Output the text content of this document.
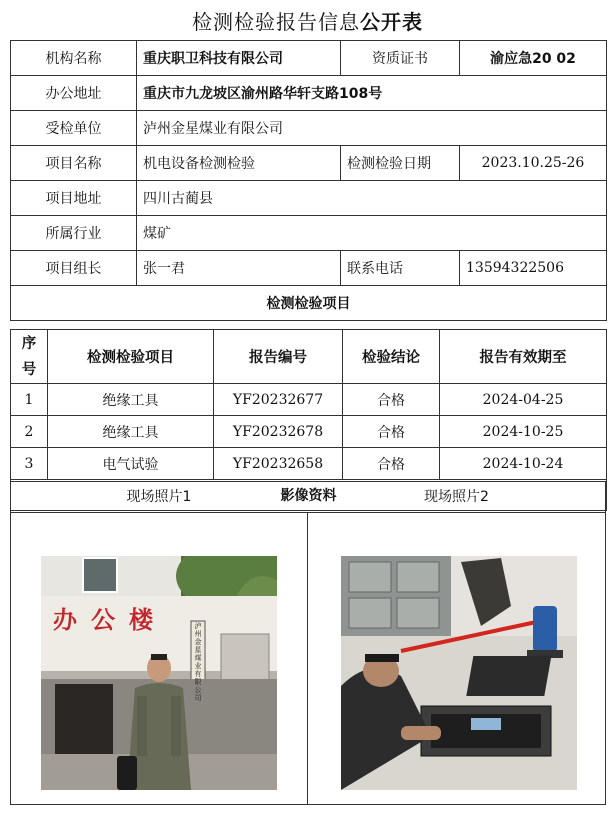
检测检验报告信息公开表
机构名称	重庆职卫科技有限公司	资质证书	渝应急20 02
办公地址	重庆市九龙坡区渝州路华轩支路108号		
受检单位	泸州金星煤业有限公司		
项目名称	机电设备检测检验	检测检验日期	2023.10.25-26
项目地址	四川古蔺县		
所属行业	煤矿		
项目组长	张一君	联系电话	13594322506
检测检验项目			
序号	检测检验项目	报告编号	检验结论	报告有效期至
1	绝缘工具	YF20232677	合格	2024-04-25
2	绝缘工具	YF20232678	合格	2024-10-25
3	电气试验	YF20232658	合格	2024-10-24
影像资料				
现场照片1	现场照片2
办公楼	泸州金星煤业有限公司
